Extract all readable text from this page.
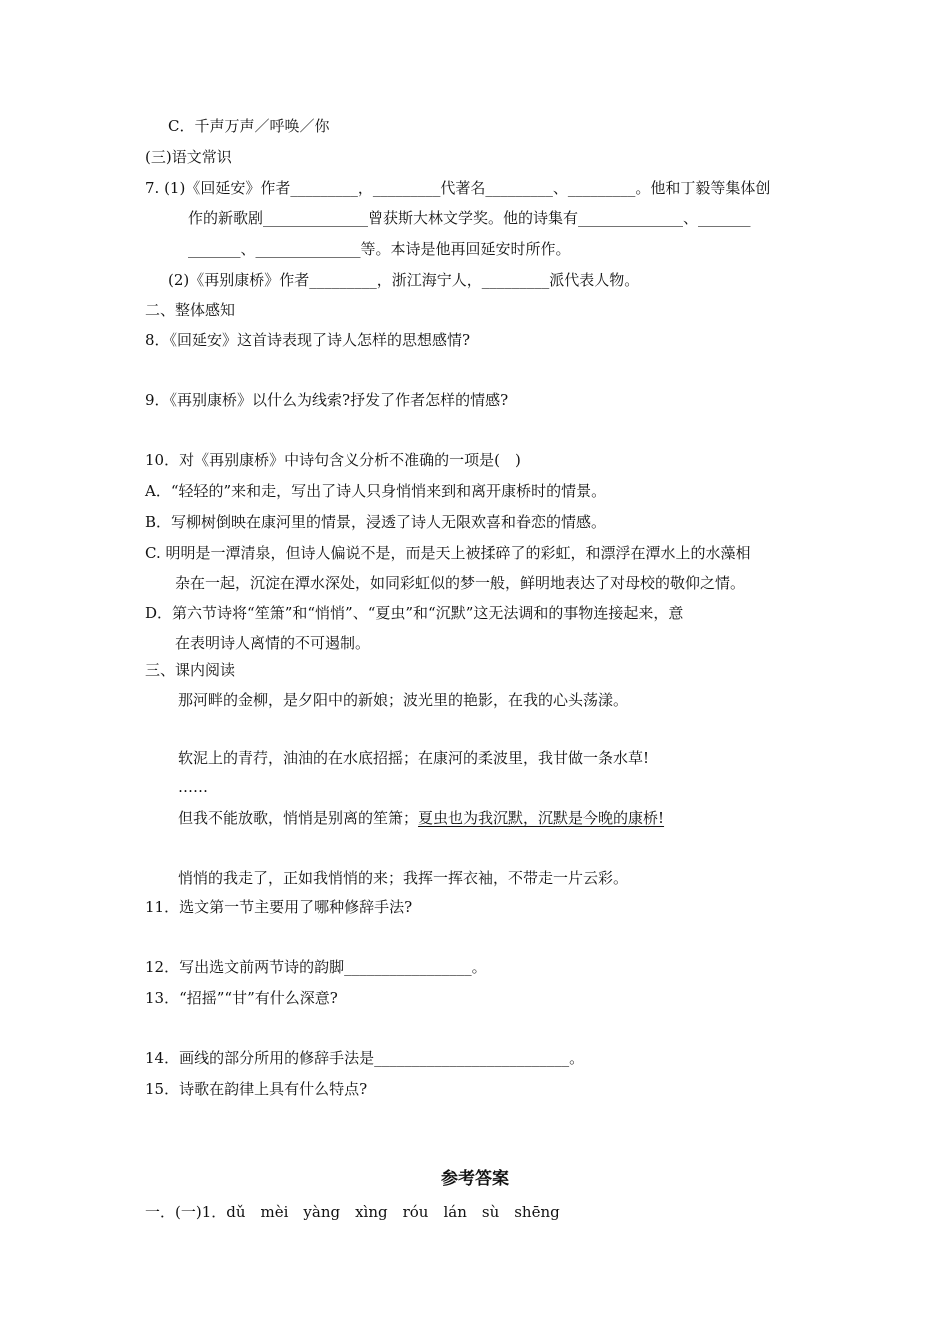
C．千声万声／呼唤／你
(三)语文常识
7. (1)《回延安》作者_________，_________代著名_________、_________。他和丁毅等集体创
作的新歌剧______________曾获斯大林文学奖。他的诗集有______________、_______
_______、______________等。本诗是他再回延安时所作。
(2)《再别康桥》作者_________，浙江海宁人，_________派代表人物。
二、整体感知
8．《回延安》这首诗表现了诗人怎样的思想感情?
9．《再别康桥》以什么为线索?抒发了作者怎样的情感?
10．对《再别康桥》中诗句含义分析不准确的一项是(　)
A．“轻轻的”来和走，写出了诗人只身悄悄来到和离开康桥时的情景。
B．写柳树倒映在康河里的情景，浸透了诗人无限欢喜和眷恋的情感。
C. 明明是一潭清泉，但诗人偏说不是，而是天上被揉碎了的彩虹，和漂浮在潭水上的水藻相
杂在一起，沉淀在潭水深处，如同彩虹似的梦一般，鲜明地表达了对母校的敬仰之情。
D．第六节诗将“笙箫”和“悄悄”、“夏虫”和“沉默”这无法调和的事物连接起来，意
在表明诗人离情的不可遏制。
三、课内阅读
那河畔的金柳，是夕阳中的新娘；波光里的艳影，在我的心头荡漾。
软泥上的青荇，油油的在水底招摇；在康河的柔波里，我甘做一条水草!
……
但我不能放歌，悄悄是别离的笙箫；夏虫也为我沉默，沉默是今晚的康桥!
悄悄的我走了，正如我悄悄的来；我挥一挥衣袖，不带走一片云彩。
11．选文第一节主要用了哪种修辞手法?
12．写出选文前两节诗的韵脚_________________。
13．“招摇”“甘”有什么深意?
14．画线的部分所用的修辞手法是__________________________。
15．诗歌在韵律上具有什么特点?
参考答案
一．(一)1．dǔ　mèi　yàng　xìng　róu　lán　sù　shēng
